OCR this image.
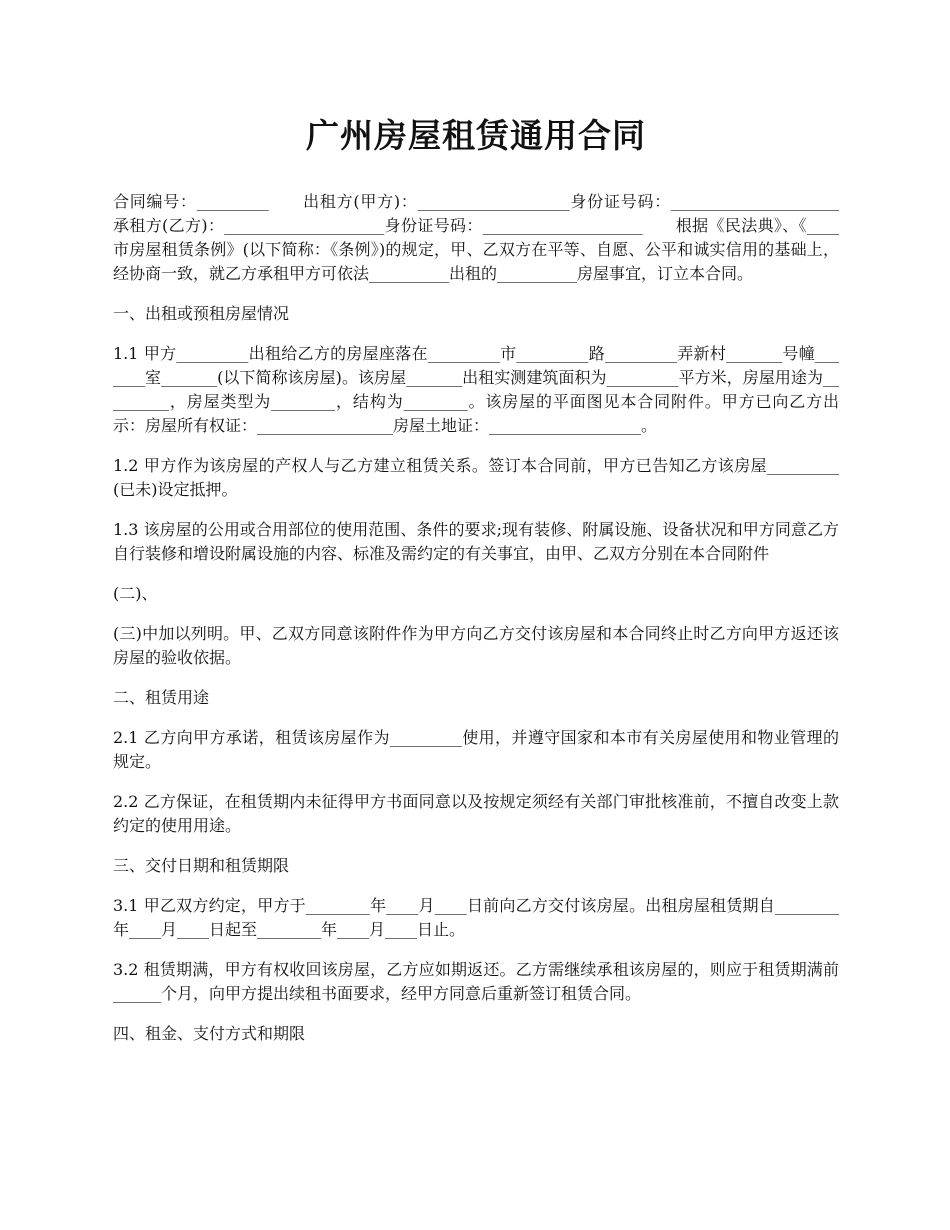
广州房屋租赁通用合同

合同编号：_________　　出租方(甲方)：___________________身份证号码：_____________________　　承租方(乙方)：____________________身份证号码：____________________　　根据《民法典》、《____市房屋租赁条例》(以下简称：《条例》)的规定，甲、乙双方在平等、自愿、公平和诚实信用的基础上，经协商一致，就乙方承租甲方可依法__________出租的__________房屋事宜，订立本合同。

一、出租或预租房屋情况

1.1 甲方_________出租给乙方的房屋座落在_________市_________路_________弄新村_______号幢_______室_______(以下简称该房屋)。该房屋_______出租实测建筑面积为_________平方米，房屋用途为_________，房屋类型为________，结构为________。该房屋的平面图见本合同附件。甲方已向乙方出示：房屋所有权证：_________________房屋土地证：___________________。

1.2 甲方作为该房屋的产权人与乙方建立租赁关系。签订本合同前，甲方已告知乙方该房屋_________(已未)设定抵押。

1.3 该房屋的公用或合用部位的使用范围、条件的要求;现有装修、附属设施、设备状况和甲方同意乙方自行装修和增设附属设施的内容、标准及需约定的有关事宜，由甲、乙双方分别在本合同附件

(二)、

(三)中加以列明。甲、乙双方同意该附件作为甲方向乙方交付该房屋和本合同终止时乙方向甲方返还该房屋的验收依据。

二、租赁用途

2.1 乙方向甲方承诺，租赁该房屋作为_________使用，并遵守国家和本市有关房屋使用和物业管理的规定。

2.2 乙方保证，在租赁期内未征得甲方书面同意以及按规定须经有关部门审批核准前，不擅自改变上款约定的使用用途。

三、交付日期和租赁期限

3.1 甲乙双方约定，甲方于________年____月____日前向乙方交付该房屋。出租房屋租赁期自________年____月____日起至________年____月____日止。

3.2 租赁期满，甲方有权收回该房屋，乙方应如期返还。乙方需继续承租该房屋的，则应于租赁期满前______个月，向甲方提出续租书面要求，经甲方同意后重新签订租赁合同。

四、租金、支付方式和期限
